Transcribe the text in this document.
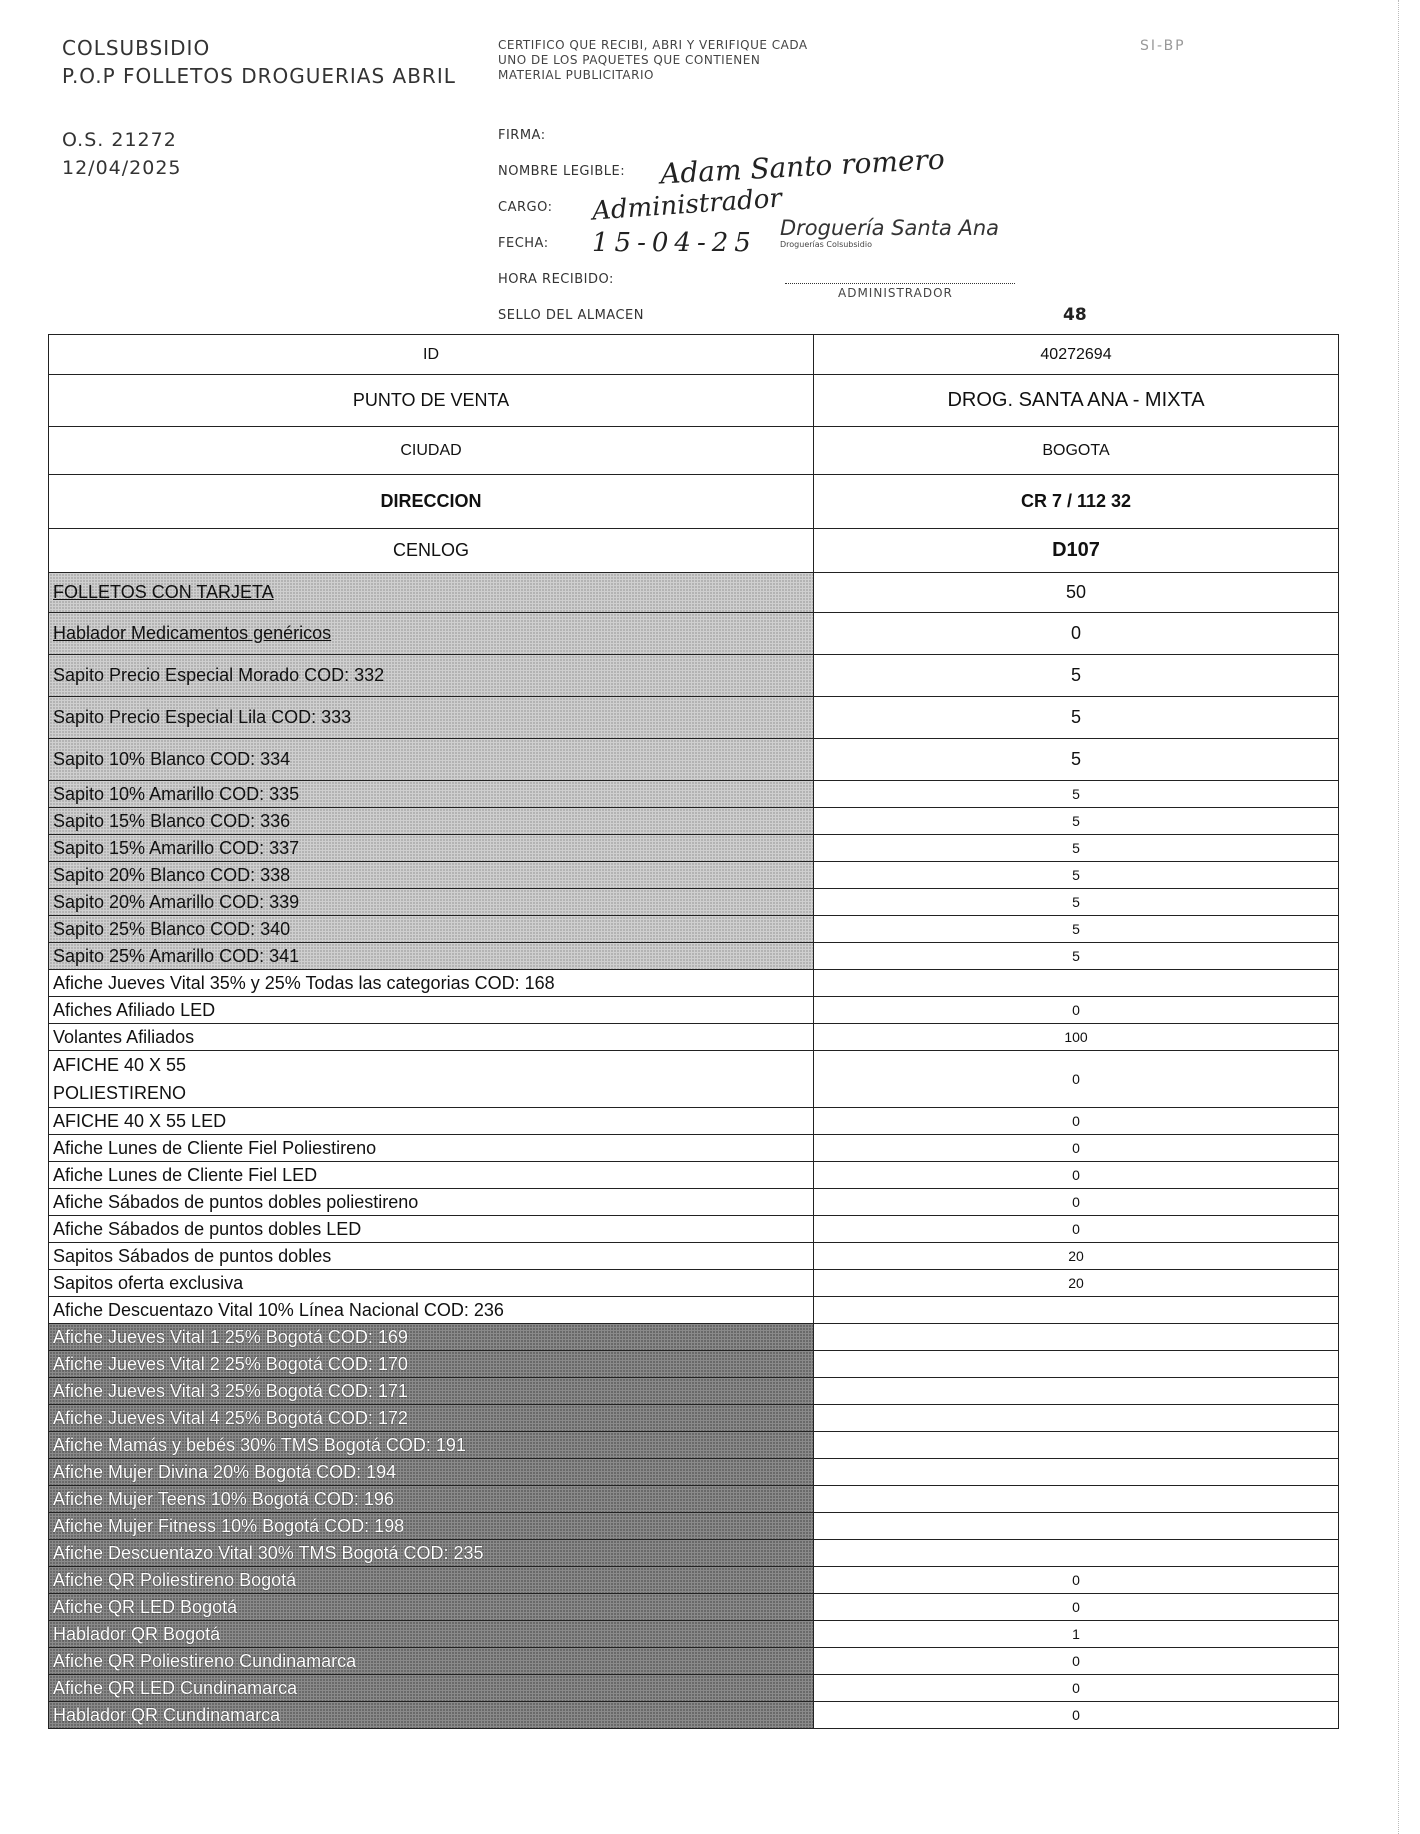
COLSUBSIDIO
P.O.P FOLLETOS DROGUERIAS ABRIL
O.S. 21272
12/04/2025
CERTIFICO QUE RECIBI, ABRI Y VERIFIQUE CADA UNO DE LOS PAQUETES QUE CONTIENEN MATERIAL PUBLICITARIO
SI-BP
FIRMA:
NOMBRE LEGIBLE:
CARGO:
FECHA:
HORA RECIBIDO:
SELLO DEL ALMACEN
Adam Santo romero
Administrador
15-04-25 Droguería Santa Ana
Droguerías Colsubsidio
ADMINISTRADOR
48
ID	40272694
PUNTO DE VENTA	DROG. SANTA ANA - MIXTA
CIUDAD	BOGOTA
DIRECCION	CR 7 / 112 32
CENLOG	D107
FOLLETOS CON TARJETA	50
Hablador Medicamentos genéricos	0
Sapito Precio Especial Morado COD: 332	5
Sapito Precio Especial Lila COD: 333	5
Sapito 10% Blanco COD: 334	5
Sapito 10% Amarillo COD: 335	5
Sapito 15% Blanco COD: 336	5
Sapito 15% Amarillo COD: 337	5
Sapito 20% Blanco COD: 338	5
Sapito 20% Amarillo COD: 339	5
Sapito 25% Blanco COD: 340	5
Sapito 25% Amarillo COD: 341	5
Afiche Jueves Vital 35% y 25% Todas las categorias COD: 168	
Afiches Afiliado LED	0
Volantes Afiliados	100

AFICHE 40 X 55 POLIESTIRENO	0
AFICHE 40 X 55 LED	0
Afiche Lunes de Cliente Fiel Poliestireno	0
Afiche Lunes de Cliente Fiel LED	0
Afiche Sábados de puntos dobles poliestireno	0
Afiche Sábados de puntos dobles LED	0
Sapitos Sábados de puntos dobles	20
Sapitos oferta exclusiva	20
Afiche Descuentazo Vital 10% Línea Nacional COD: 236	
Afiche Jueves Vital 1 25% Bogotá COD: 169	
Afiche Jueves Vital 2 25% Bogotá COD: 170	
Afiche Jueves Vital 3 25% Bogotá COD: 171	
Afiche Jueves Vital 4 25% Bogotá COD: 172	
Afiche Mamás y bebés 30% TMS Bogotá COD: 191	
Afiche Mujer Divina 20% Bogotá COD: 194	
Afiche Mujer Teens 10% Bogotá COD: 196	
Afiche Mujer Fitness 10% Bogotá COD: 198	
Afiche Descuentazo Vital 30% TMS Bogotá COD: 235	
Afiche QR Poliestireno Bogotá	0
Afiche QR LED Bogotá	0
Hablador QR Bogotá	1
Afiche QR Poliestireno Cundinamarca	0
Afiche QR LED Cundinamarca	0
Hablador QR Cundinamarca	0
